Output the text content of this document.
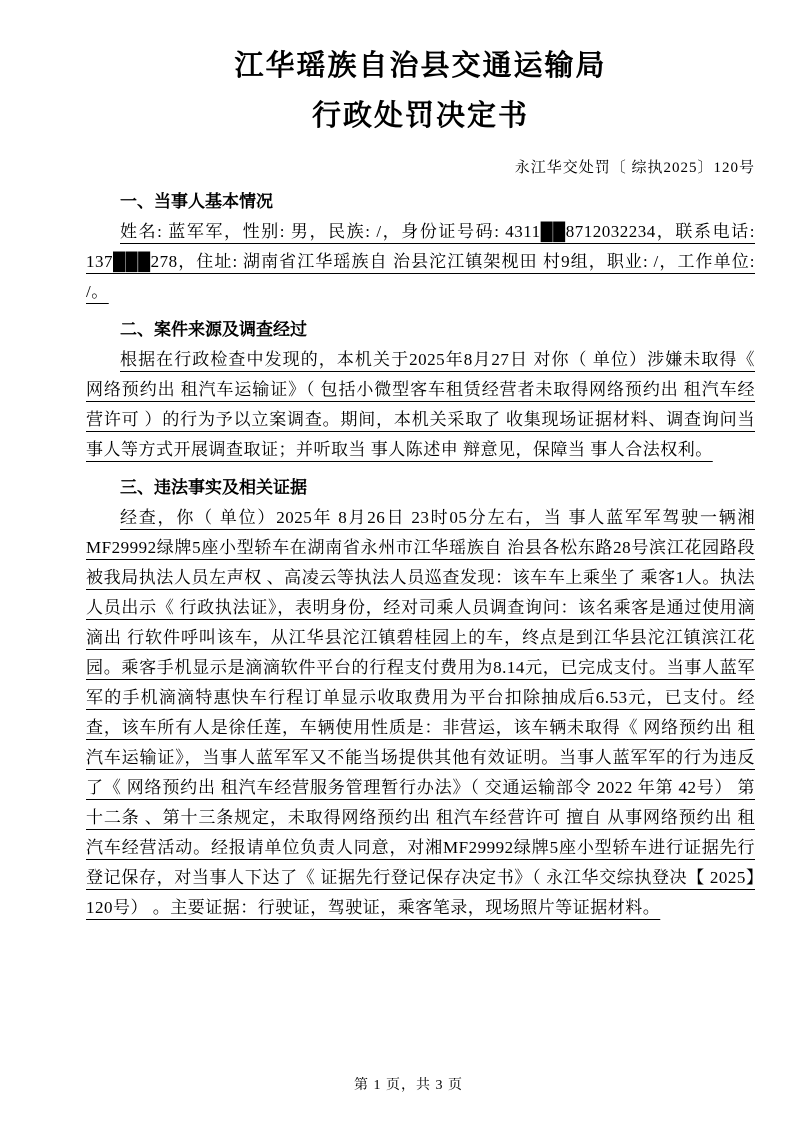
江华瑶族自治县交通运输局
行政处罚决定书
永江华交处罚〔 综执2025〕120号
一、当事人基本情况

姓名: 蓝军军，性别: 男，民族: /，身份证号码: 4311██8712032234，联系电话: 137███278，住址: 湖南省江华瑶族自 治县沱江镇架枧田 村9组，职业: /，工作单位: /。

二、案件来源及调查经过

根据在行政检查中发现的，本机关于2025年8月27日 对你（ 单位）涉嫌未取得《 网络预约出 租汽车运输证》（ 包括小微型客车租赁经营者未取得网络预约出 租汽车经营许可 ）的行为予以立案调查。期间，本机关采取了 收集现场证据材料、调查询问当 事人等方式开展调查取证；并听取当 事人陈述申 辩意见，保障当 事人合法权利。

三、违法事实及相关证据

经查，你（ 单位）2025年 8月26日 23时05分左右，当 事人蓝军军驾驶一辆湘MF29992绿牌5座小型轿车在湖南省永州市江华瑶族自 治县各松东路28号滨江花园路段被我局执法人员左声权 、高凌云等执法人员巡查发现：该车车上乘坐了 乘客1人。执法人员出示《 行政执法证》，表明身份，经对司乘人员调查询问：该名乘客是通过使用滴滴出 行软件呼叫该车，从江华县沱江镇碧桂园上的车，终点是到江华县沱江镇滨江花园。乘客手机显示是滴滴软件平台的行程支付费用为8.14元，已完成支付。当事人蓝军军的手机滴滴特惠快车行程订单显示收取费用为平台扣除抽成后6.53元，已支付。经查，该车所有人是徐任莲，车辆使用性质是：非营运，该车辆未取得《 网络预约出 租汽车运输证》，当事人蓝军军又不能当场提供其他有效证明。当事人蓝军军的行为违反了《 网络预约出 租汽车经营服务管理暂行办法》（ 交通运输部令 2022 年第 42号） 第十二条 、第十三条规定，未取得网络预约出 租汽车经营许可 擅自 从事网络预约出 租汽车经营活动。经报请单位负责人同意，对湘MF29992绿牌5座小型轿车进行证据先行登记保存，对当事人下达了《 证据先行登记保存决定书》（ 永江华交综执登决【 2025】120号） 。主要证据：行驶证，驾驶证，乘客笔录，现场照片等证据材料。

第 1 页，共 3 页
